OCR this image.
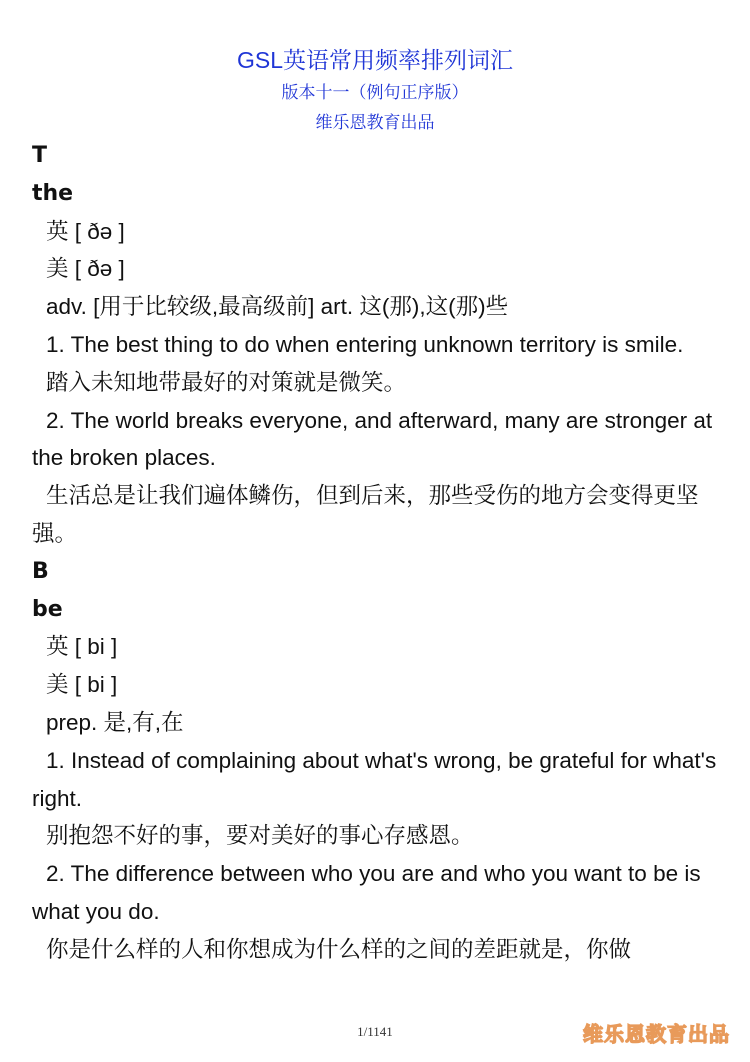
GSL英语常用频率排列词汇
版本十一（例句正序版）
维乐恩教育出品
T
the
英 [ ðə ]
美 [ ðə ]
adv. [用于比较级,最高级前] art. 这(那),这(那)些
1. The best thing to do when entering unknown territory is smile.
踏入未知地带最好的对策就是微笑。
2. The world breaks everyone, and afterward, many are stronger at the broken places.
生活总是让我们遍体鳞伤，但到后来，那些受伤的地方会变得更坚强。
B
be
英 [ bi ]
美 [ bi ]
prep. 是,有,在
1. Instead of complaining about what's wrong, be grateful for what's right.
别抱怨不好的事，要对美好的事心存感恩。
2. The difference between who you are and who you want to be is what you do.
你是什么样的人和你想成为什么样的之间的差距就是，你做
1/1141	维乐恩教育出品
